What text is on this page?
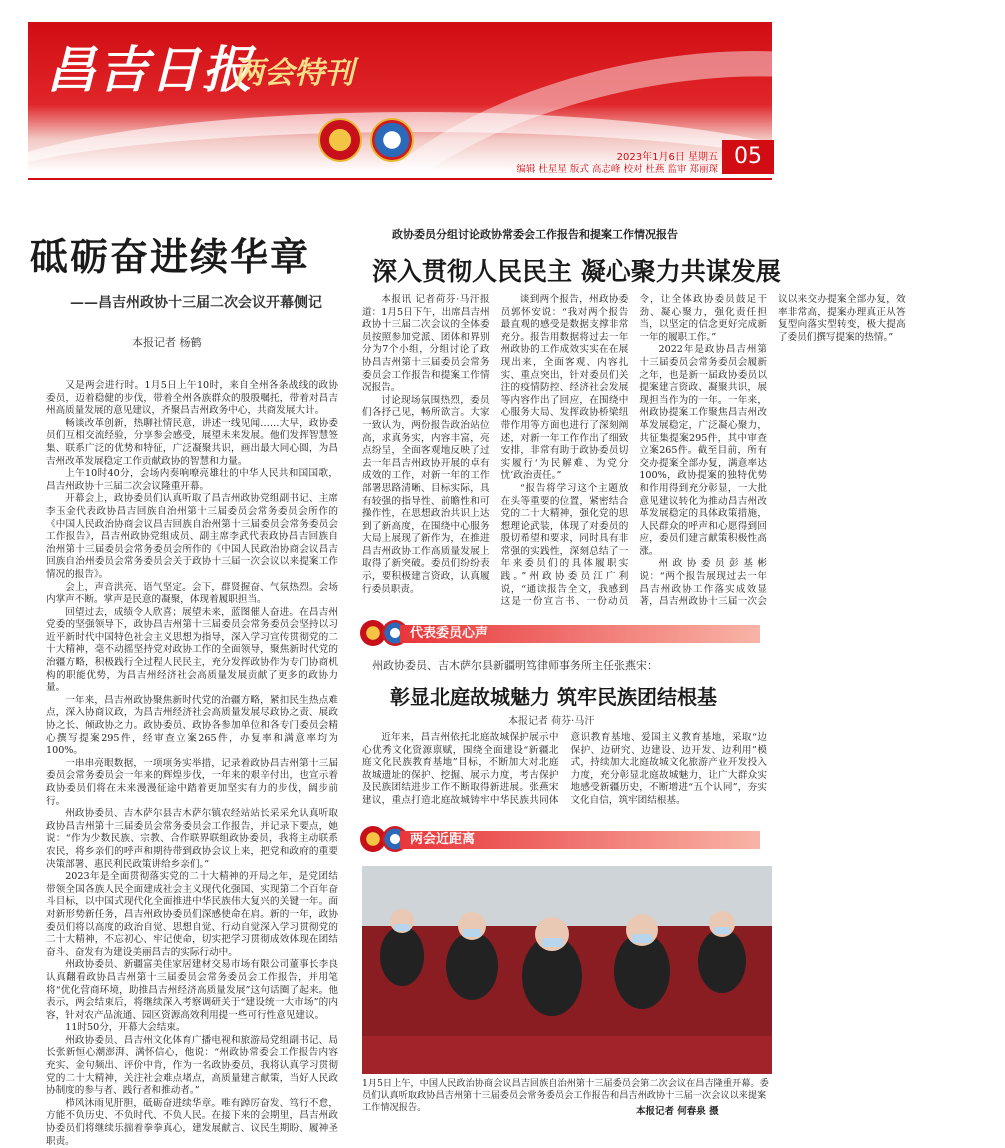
昌吉日报
两会特刊
2023年1月6日 星期五
编辑 杜星星 版式 高志峰 校对 杜燕 监审 郑丽琛
05
砥砺奋进续华章
——昌吉州政协十三届二次会议开幕侧记
本报记者 杨鹤

又是两会进行时。1月5日上午10时，来自全州各条战线的政协委员，迈着稳健的步伐，带着全州各族群众的殷殷嘱托，带着对昌吉州高质量发展的意见建议，齐聚昌吉州政务中心，共商发展大计。

畅谈改革创新，热聊社情民意，讲述一线见闻……大早，政协委员们互相交流经验，分享参会感受，展望未来发展。他们发挥智慧签集、联系广泛的优势和特征，广泛凝聚共识，画出最大同心圆，为昌吉州改革发展稳定工作贡献政协的智慧和力量。

上午10时40分，会场内奏响嘹亮雄壮的中华人民共和国国歌，昌吉州政协十三届二次会议隆重开幕。

开幕会上，政协委员们认真听取了昌吉州政协党组副书记、主席李玉金代表政协昌吉回族自治州第十三届委员会常务委员会所作的《中国人民政治协商会议昌吉回族自治州第十三届委员会常务委员会工作报告》，昌吉州政协党组成员、副主席李武代表政协昌吉回族自治州第十三届委员会常务委员会所作的《中国人民政治协商会议昌吉回族自治州委员会常务委员会关于政协十三届一次会议以来提案工作情况的报告》。

会上，声音洪亮、语气坚定。会下，群贤握奋、气氛热烈。会场内掌声不断。掌声是民意的凝聚，体现着履职担当。

回望过去，成绩令人欣喜；展望未来，蓝图催人奋进。在昌吉州党委的坚强领导下，政协昌吉州第十三届委员会常务委员会坚持以习近平新时代中国特色社会主义思想为指导，深入学习宣传贯彻党的二十大精神，毫不动摇坚持党对政协工作的全面领导，聚焦新时代党的治疆方略，积极践行全过程人民民主，充分发挥政协作为专门协商机构的职能优势，为昌吉州经济社会高质量发展贡献了更多的政协力量。

一年来，昌吉州政协聚焦新时代党的治疆方略，紧扣民生热点难点，深入协商议政，为昌吉州经济社会高质量发展尽政协之责、展政协之长、倾政协之力。政协委员、政协各参加单位和各专门委员会精心撰写提案295件，经审查立案265件，办复率和满意率均为100%。

一串串亮眼数据，一项项务实举措，记录着政协昌吉州第十三届委员会常务委员会一年来的辉煌步伐，一年来的艰辛付出，也宣示着政协委员们将在未来漫漫征途中踏着更加坚实有力的步伐，阔步前行。

州政协委员、吉木萨尔县吉木萨尔镇农经站站长采采允认真听取政协昌吉州第十三届委员会常务委员会工作报告，并记录下要点，她说：“作为少数民族、宗教、合作联界联组政协委员，我将主动联系农民，将乡亲们的呼声和期待带到政协会议上来，把党和政府的重要决策部署、惠民利民政策讲给乡亲们。”

2023年是全面贯彻落实党的二十大精神的开局之年，是党团结带领全国各族人民全面建成社会主义现代化强国、实现第二个百年奋斗目标，以中国式现代化全面推进中华民族伟大复兴的关键一年。面对新形势新任务，昌吉州政协委员们深感使命在肩。新的一年，政协委员们将以高度的政治自觉、思想自觉、行动自觉深入学习贯彻党的二十大精神，不忘初心、牢记使命，切实把学习贯彻成效体现在团结奋斗、奋发有为建设美丽昌吉的实际行动中。

州政协委员、新疆富美佳家居建材交易市场有限公司董事长李良认真翻看政协昌吉州第十三届委员会常务委员会工作报告，并用笔将“优化营商环境，助推昌吉州经济高质量发展”这句话圈了起来。他表示，两会结束后，将继续深入考察调研关于“建设统一大市场”的内容，针对农产品流通、园区资源高效利用提一些可行性意见建议。

11时50分，开幕大会结束。

州政协委员、昌吉州文化体育广播电视和旅游局党组副书记、局长张新恒心潮澎湃、满怀信心，他说：“州政协常委会工作报告内容充实、金句频出、评价中肯，作为一名政协委员，我将认真学习贯彻党的二十大精神，关注社会难点堵点，高质量建言献策，当好人民政协制度的参与者、践行者和推动者。”

栉风沐雨见肝胆，砥砺奋进续华章。唯有踔厉奋发、笃行不怠，方能不负历史、不负时代、不负人民。在接下来的会期里，昌吉州政协委员们将继续乐揣着拳拳真心，建发展献言、议民生期盼、履神圣职责。

政协委员分组讨论政协常委会工作报告和提案工作情况报告
深入贯彻人民民主 凝心聚力共谋发展

本报讯 记者荷芬·马汗报道：1月5日下午，出席昌吉州政协十三届二次会议的全体委员按照参加党派、团体和界别分为7个小组，分组讨论了政协昌吉州第十三届委员会常务委员会工作报告和提案工作情况报告。

讨论现场氛围热烈，委员们各抒己见，畅所欲言。大家一致认为，两份报告政治站位高，求真务实，内容丰富，亮点纷呈，全面客观地反映了过去一年昌吉州政协开展的卓有成效的工作，对新一年的工作部署思路清晰、目标实际，具有较强的指导性、前瞻性和可操作性，在思想政治共识上达到了新高度，在围绕中心服务大局上展现了新作为，在推进昌吉州政协工作高质量发展上取得了新突破。委员们纷纷表示，要积极建言资政，认真履行委员职责。

谈到两个报告，州政协委员郭怀安说：“我对两个报告最直观的感受是数据支撑非常充分。报告用数据将过去一年州政协的工作成效实实在在展现出来，全面客观、内容扎实、重点突出，针对委员们关注的疫情防控、经济社会发展等内容作出了回应，在围绕中心服务大局、发挥政协桥梁纽带作用等方面也进行了深刻阐述，对新一年工作作出了细致安排，非常有助于政协委员切实履行‘为民解难、为党分忧’政治责任。”

“报告将学习这个主题放在头等重要的位置，紧密结合党的二十大精神，强化党的思想理论武装，体现了对委员的殷切希望和要求，同时具有非常强的实践性，深刻总结了一年来委员们的具体履职实践。”州政协委员江广利说，“通读报告全文，我感到这是一份宣言书、一份动员令，让全体政协委员鼓足干劲、凝心聚力，强化责任担当，以坚定的信念更好完成新一年的履职工作。”

2022年是政协昌吉州第十三届委员会常务委员会履新之年，也是新一届政协委员以提案建言资政、凝聚共识，展现担当作为的一年。一年来，州政协提案工作聚焦昌吉州改革发展稳定，广泛凝心聚力，共征集提案295件，其中审查立案265件。截至目前，所有交办提案全部办复，满意率达100%，政协提案的独特优势和作用得到充分彰显，一大批意见建议转化为推动昌吉州改革发展稳定的具体政策措施，人民群众的呼声和心愿得到回应，委员们建言献策积极性高涨。

州政协委员彭基彬说：“两个报告展现过去一年昌吉州政协工作落实成效显著，昌吉州政协十三届一次会议以来交办提案全部办复，效率非常高，提案办理真正从答复型向落实型转变，极大提高了委员们撰写提案的热情。”

代表委员心声
州政协委员、吉木萨尔县新疆明笃律师事务所主任张燕宋：
彰显北庭故城魅力 筑牢民族团结根基
本报记者 荷芬·马汗

近年来，昌吉州依托北庭故城保护展示中心优秀文化资源禀赋，围绕全面建设“新疆北庭文化民族教育基地”目标，不断加大对北庭故城遗址的保护、挖掘、展示力度，考古保护及民族团结进步工作不断取得新进展。张燕宋建议，重点打造北庭故城铸牢中华民族共同体意识教育基地、爱国主义教育基地，采取“边保护、边研究、边建设、边开发、边利用”模式，持续加大北庭故城文化旅游产业开发投入力度，充分彰显北庭故城魅力，让广大群众实地感受新疆历史，不断增进“五个认同”，夯实文化自信，筑牢团结根基。

两会近距离
1月5日上午，中国人民政治协商会议昌吉回族自治州第十三届委员会第二次会议在昌吉隆重开幕。委员们认真听取政协昌吉州第十三届委员会常务委员会工作报告和昌吉州政协十三届一次会议以来提案工作情况报告。	本报记者 何春泉 摄
